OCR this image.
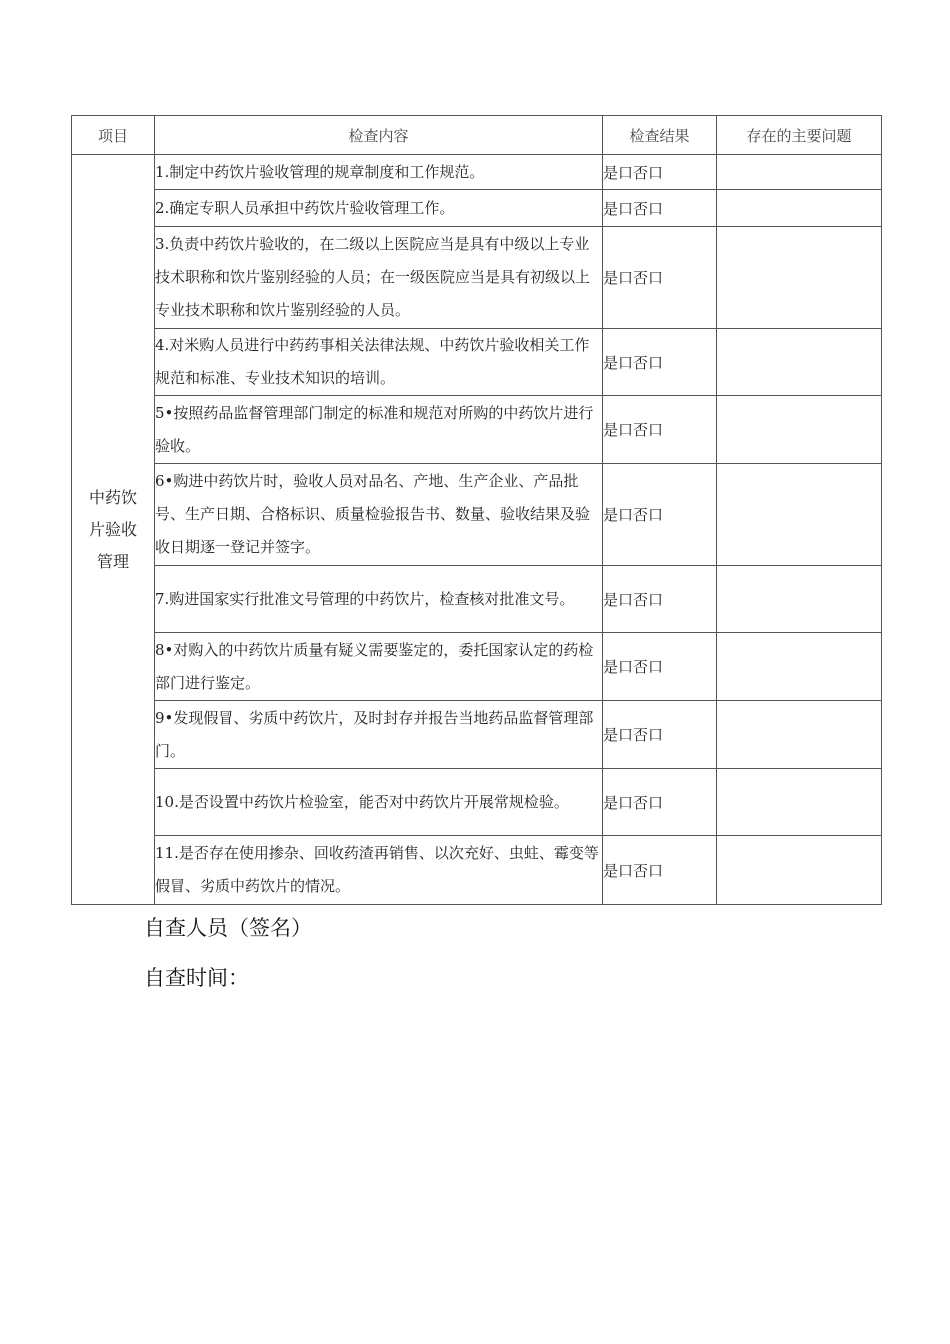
项目	检查内容	检查结果	存在的主要问题

中药饮
片验收
管理	1.制定中药饮片验收管理的规章制度和工作规范。	是口否口	
	2.确定专职人员承担中药饮片验收管理工作。	是口否口	
	3.负责中药饮片验收的，在二级以上医院应当是具有中级以上专业技术职称和饮片鉴别经验的人员；在一级医院应当是具有初级以上专业技术职称和饮片鉴别经验的人员。	是口否口	
	4.对米购人员进行中药药事相关法律法规、中药饮片验收相关工作规范和标准、专业技术知识的培训。	是口否口	
	5•按照药品监督管理部门制定的标准和规范对所购的中药饮片进行验收。	是口否口	
	6•购进中药饮片时，验收人员对品名、产地、生产企业、产品批号、生产日期、合格标识、质量检验报告书、数量、验收结果及验收日期逐一登记并签字。	是口否口	
	7.购进国家实行批准文号管理的中药饮片，检查核对批准文号。	是口否口	
	8•对购入的中药饮片质量有疑义需要鉴定的，委托国家认定的药检部门进行鉴定。	是口否口	
	9•发现假冒、劣质中药饮片，及时封存并报告当地药品监督管理部门。	是口否口	
	10.是否设置中药饮片检验室，能否对中药饮片开展常规检验。	是口否口	
	11.是否存在使用掺杂、回收药渣再销售、以次充好、虫蛀、霉变等假冒、劣质中药饮片的情况。	是口否口	
自查人员（签名）
自查时间：
